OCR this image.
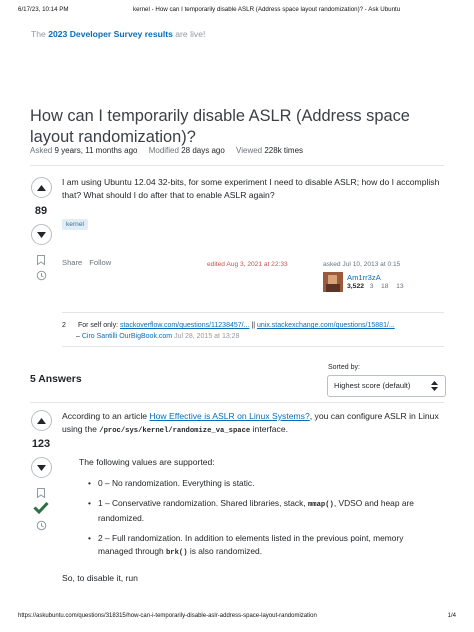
6/17/23, 10:14 PM	kernel - How can I temporarily disable ASLR (Address space layout randomization)? - Ask Ubuntu
The 2023 Developer Survey results are live!
How can I temporarily disable ASLR (Address space layout randomization)?
Asked 9 years, 11 months ago Modified 28 days ago Viewed 228k times
89
I am using Ubuntu 12.04 32-bits, for some experiment I need to disable ASLR; how do I accomplish that? What should I do after that to enable ASLR again?
kernel
Share Follow	edited Aug 3, 2021 at 22:33	asked Jul 10, 2013 at 0:15
Am1rr3zA
3,522 3 18 13
2 For self only: stackoverflow.com/questions/11238457/... || unix.stackexchange.com/questions/15881/...
– Ciro Santilli OurBigBook.com Jul 28, 2015 at 13:28
5 Answers
Sorted by:
Highest score (default)
123
According to an article How Effective is ASLR on Linux Systems?, you can configure ASLR in Linux using the /proc/sys/kernel/randomize_va_space interface.
The following values are supported:
• 0 – No randomization. Everything is static.
• 1 – Conservative randomization. Shared libraries, stack, mmap(), VDSO and heap are randomized.
• 2 – Full randomization. In addition to elements listed in the previous point, memory managed through brk() is also randomized.
So, to disable it, run
https://askubuntu.com/questions/318315/how-can-i-temporarily-disable-aslr-address-space-layout-randomization	1/4
